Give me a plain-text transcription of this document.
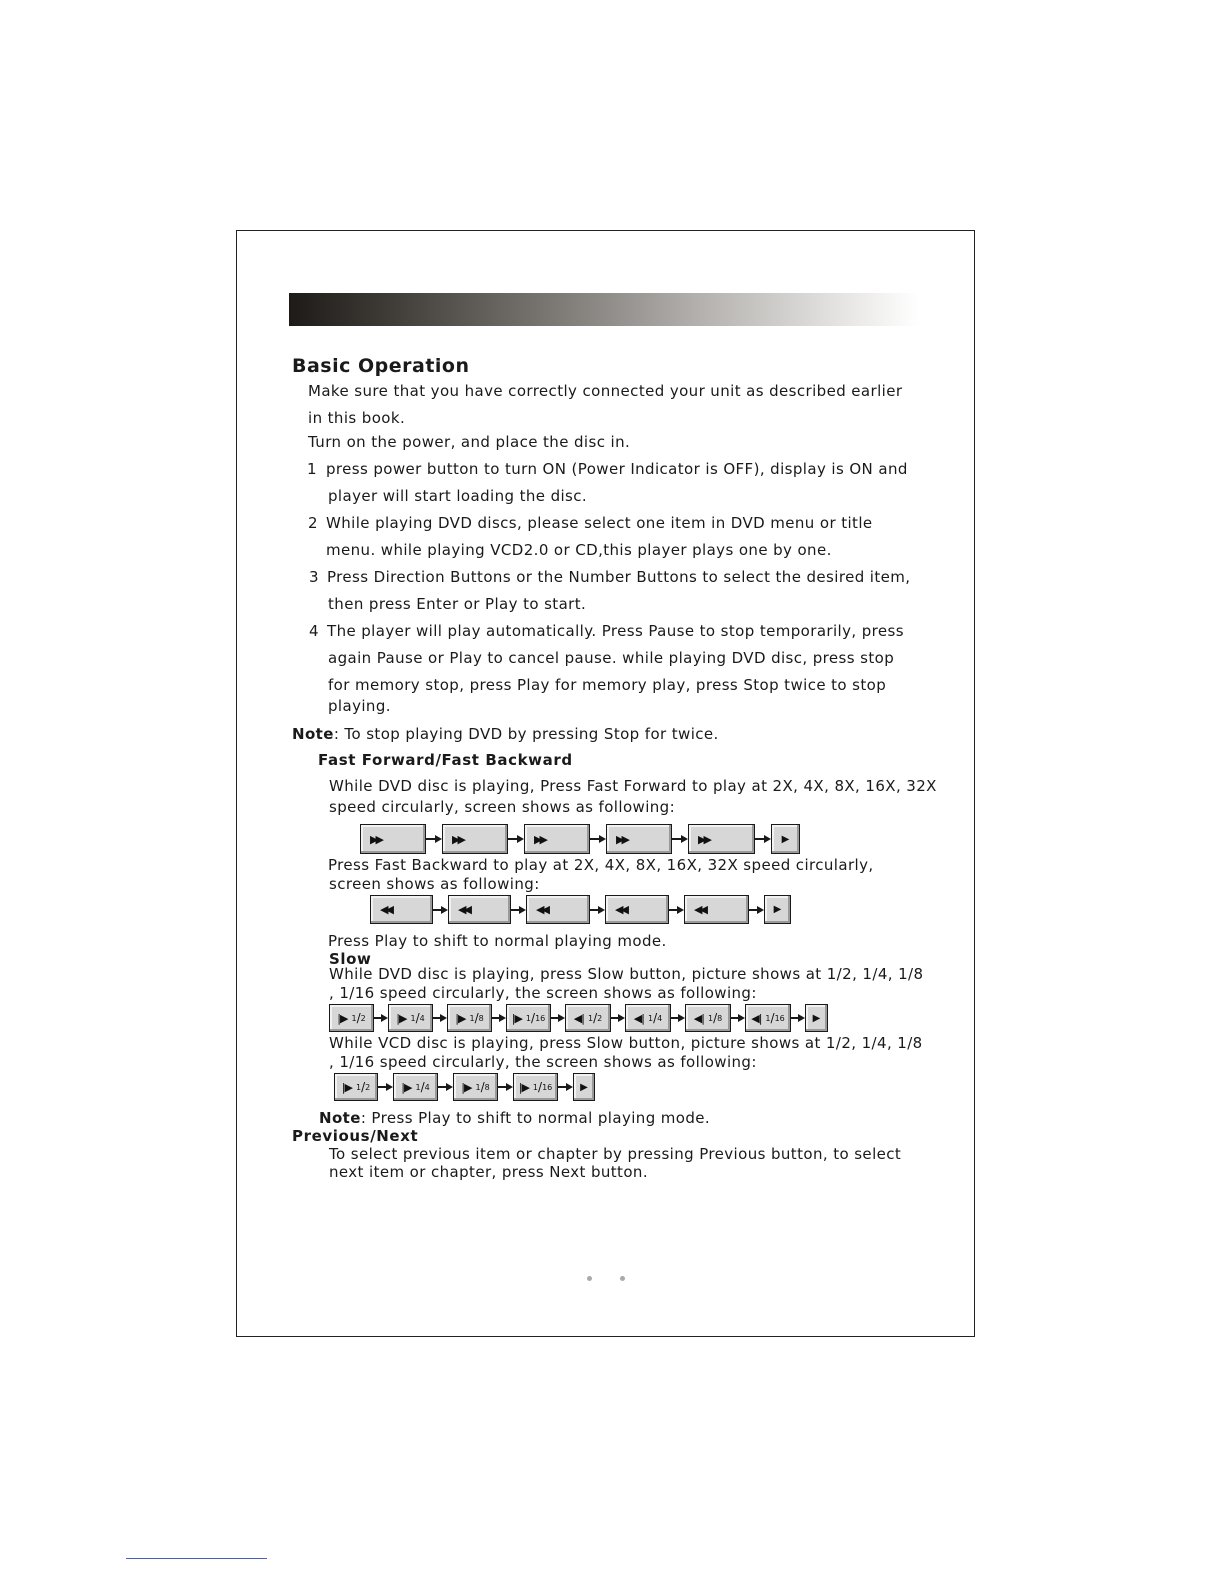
Basic Operation
Make sure that you have correctly connected your unit as described earlier
in this book.
Turn on the power, and place the disc in.
1 press power button to turn ON (Power Indicator is OFF), display is ON and
player will start loading the disc.
2 While playing DVD discs, please select one item in DVD menu or title
menu. while playing VCD2.0 or CD,this player plays one by one.
3 Press Direction Buttons or the Number Buttons to select the desired item,
then press Enter or Play to start.
4 The player will play automatically. Press Pause to stop temporarily, press
again Pause or Play to cancel pause. while playing DVD disc, press stop
for memory stop, press Play for memory play, press Stop twice to stop
playing.
Note: To stop playing DVD by pressing Stop for twice.
Fast Forward/Fast Backward
While DVD disc is playing, Press Fast Forward to play at 2X, 4X, 8X, 16X, 32X
speed circularly, screen shows as following:
▶▶	▶▶	▶▶	▶▶	▶▶	▶
Press Fast Backward to play at 2X, 4X, 8X, 16X, 32X speed circularly,
screen shows as following:
◀◀	◀◀	◀◀	◀◀	◀◀	▶
Press Play to shift to normal playing mode.
Slow
While DVD disc is playing, press Slow button, picture shows at 1/2, 1/4, 1/8
, 1/16 speed circularly, the screen shows as following:
|▶ 1 / 2	|▶ 1 / 4	|▶ 1 / 8	|▶ 1 / 16	◀| 1 / 2	◀| 1 / 4	◀| 1 / 8	◀| 1 / 16	▶
While VCD disc is playing, press Slow button, picture shows at 1/2, 1/4, 1/8
, 1/16 speed circularly, the screen shows as following:
|▶ 1 / 2	|▶ 1 / 4	|▶ 1 / 8	|▶ 1 / 16	▶
Note: Press Play to shift to normal playing mode.
Previous/Next
To select previous item or chapter by pressing Previous button, to select
next item or chapter, press Next button.
